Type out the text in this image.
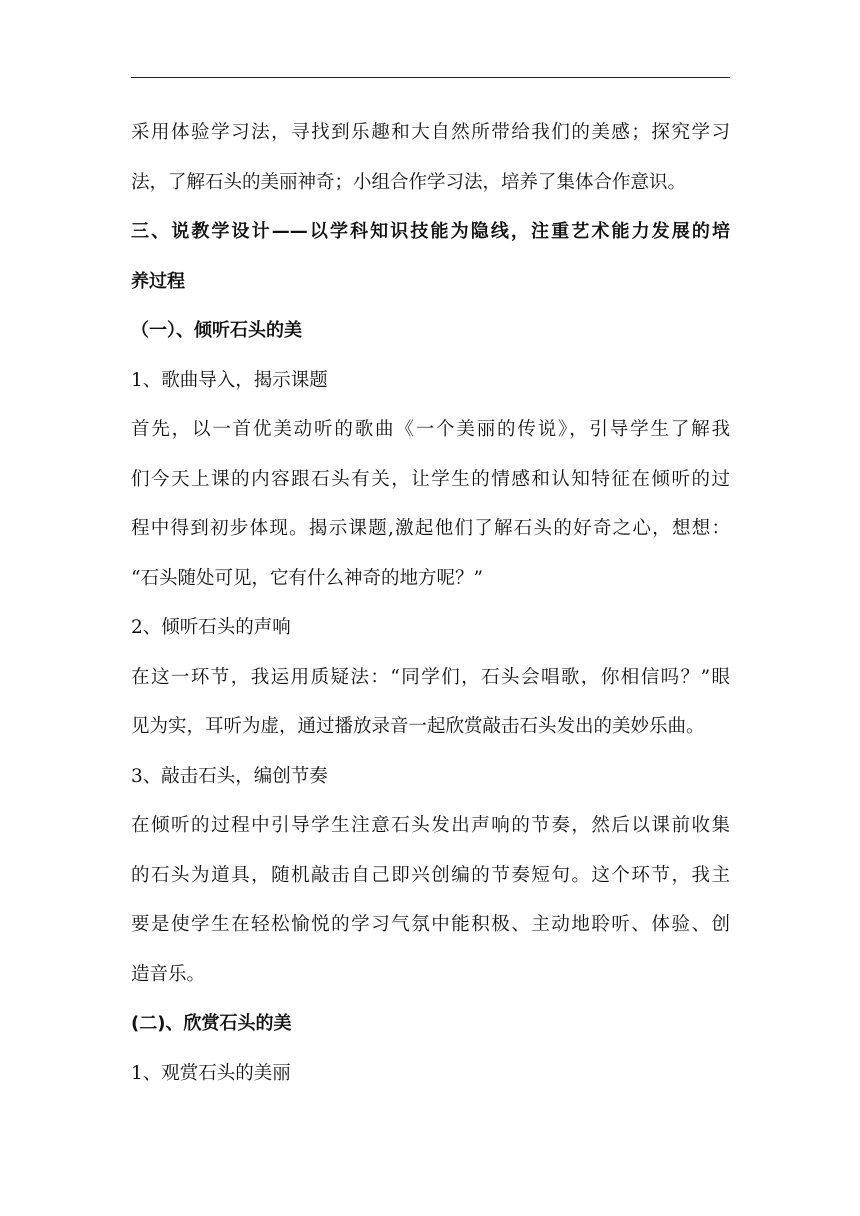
采用体验学习法，寻找到乐趣和大自然所带给我们的美感；探究学习
法，了解石头的美丽神奇；小组合作学习法，培养了集体合作意识。
三、说教学设计——以学科知识技能为隐线，注重艺术能力发展的培
养过程
（一）、倾听石头的美
1、歌曲导入，揭示课题
首先，以一首优美动听的歌曲《一个美丽的传说》，引导学生了解我
们今天上课的内容跟石头有关，让学生的情感和认知特征在倾听的过
程中得到初步体现。揭示课题,激起他们了解石头的好奇之心，想想：
“石头随处可见，它有什么神奇的地方呢？”
2、倾听石头的声响
在这一环节，我运用质疑法：“同学们，石头会唱歌，你相信吗？”眼
见为实，耳听为虚，通过播放录音一起欣赏敲击石头发出的美妙乐曲。
3、敲击石头，编创节奏
在倾听的过程中引导学生注意石头发出声响的节奏，然后以课前收集
的石头为道具，随机敲击自己即兴创编的节奏短句。这个环节，我主
要是使学生在轻松愉悦的学习气氛中能积极、主动地聆听、体验、创
造音乐。
(二)、欣赏石头的美
1、观赏石头的美丽
